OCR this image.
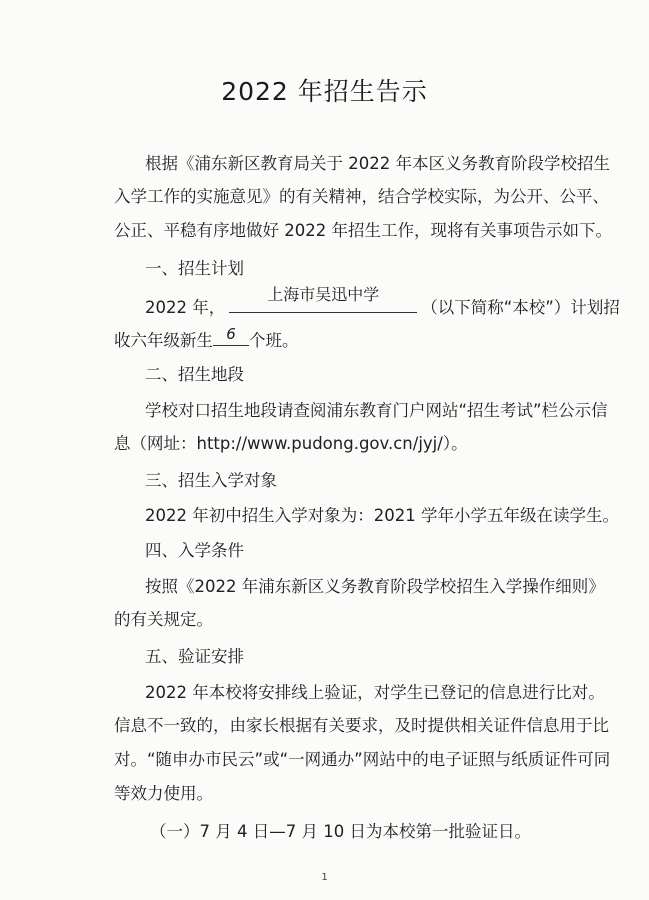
2022 年招生告示
根据《浦东新区教育局关于 2022 年本区义务教育阶段学校招生
入学工作的实施意见》的有关精神，结合学校实际，为公开、公平、
公正、平稳有序地做好 2022 年招生工作，现将有关事项告示如下。
一、招生计划
2022 年，
上海市吴迅中学
（以下简称“本校”）计划招
收六年级新生 6 个班。
二、招生地段
学校对口招生地段请查阅浦东教育门户网站“招生考试”栏公示信
息（网址：http://www.pudong.gov.cn/jyj/）。
三、招生入学对象
2022 年初中招生入学对象为：2021 学年小学五年级在读学生。
四、入学条件
按照《2022 年浦东新区义务教育阶段学校招生入学操作细则》
的有关规定。
五、验证安排
2022 年本校将安排线上验证，对学生已登记的信息进行比对。
信息不一致的，由家长根据有关要求，及时提供相关证件信息用于比
对。“随申办市民云”或“一网通办”网站中的电子证照与纸质证件可同
等效力使用。
（一）7 月 4 日—7 月 10 日为本校第一批验证日。
1
